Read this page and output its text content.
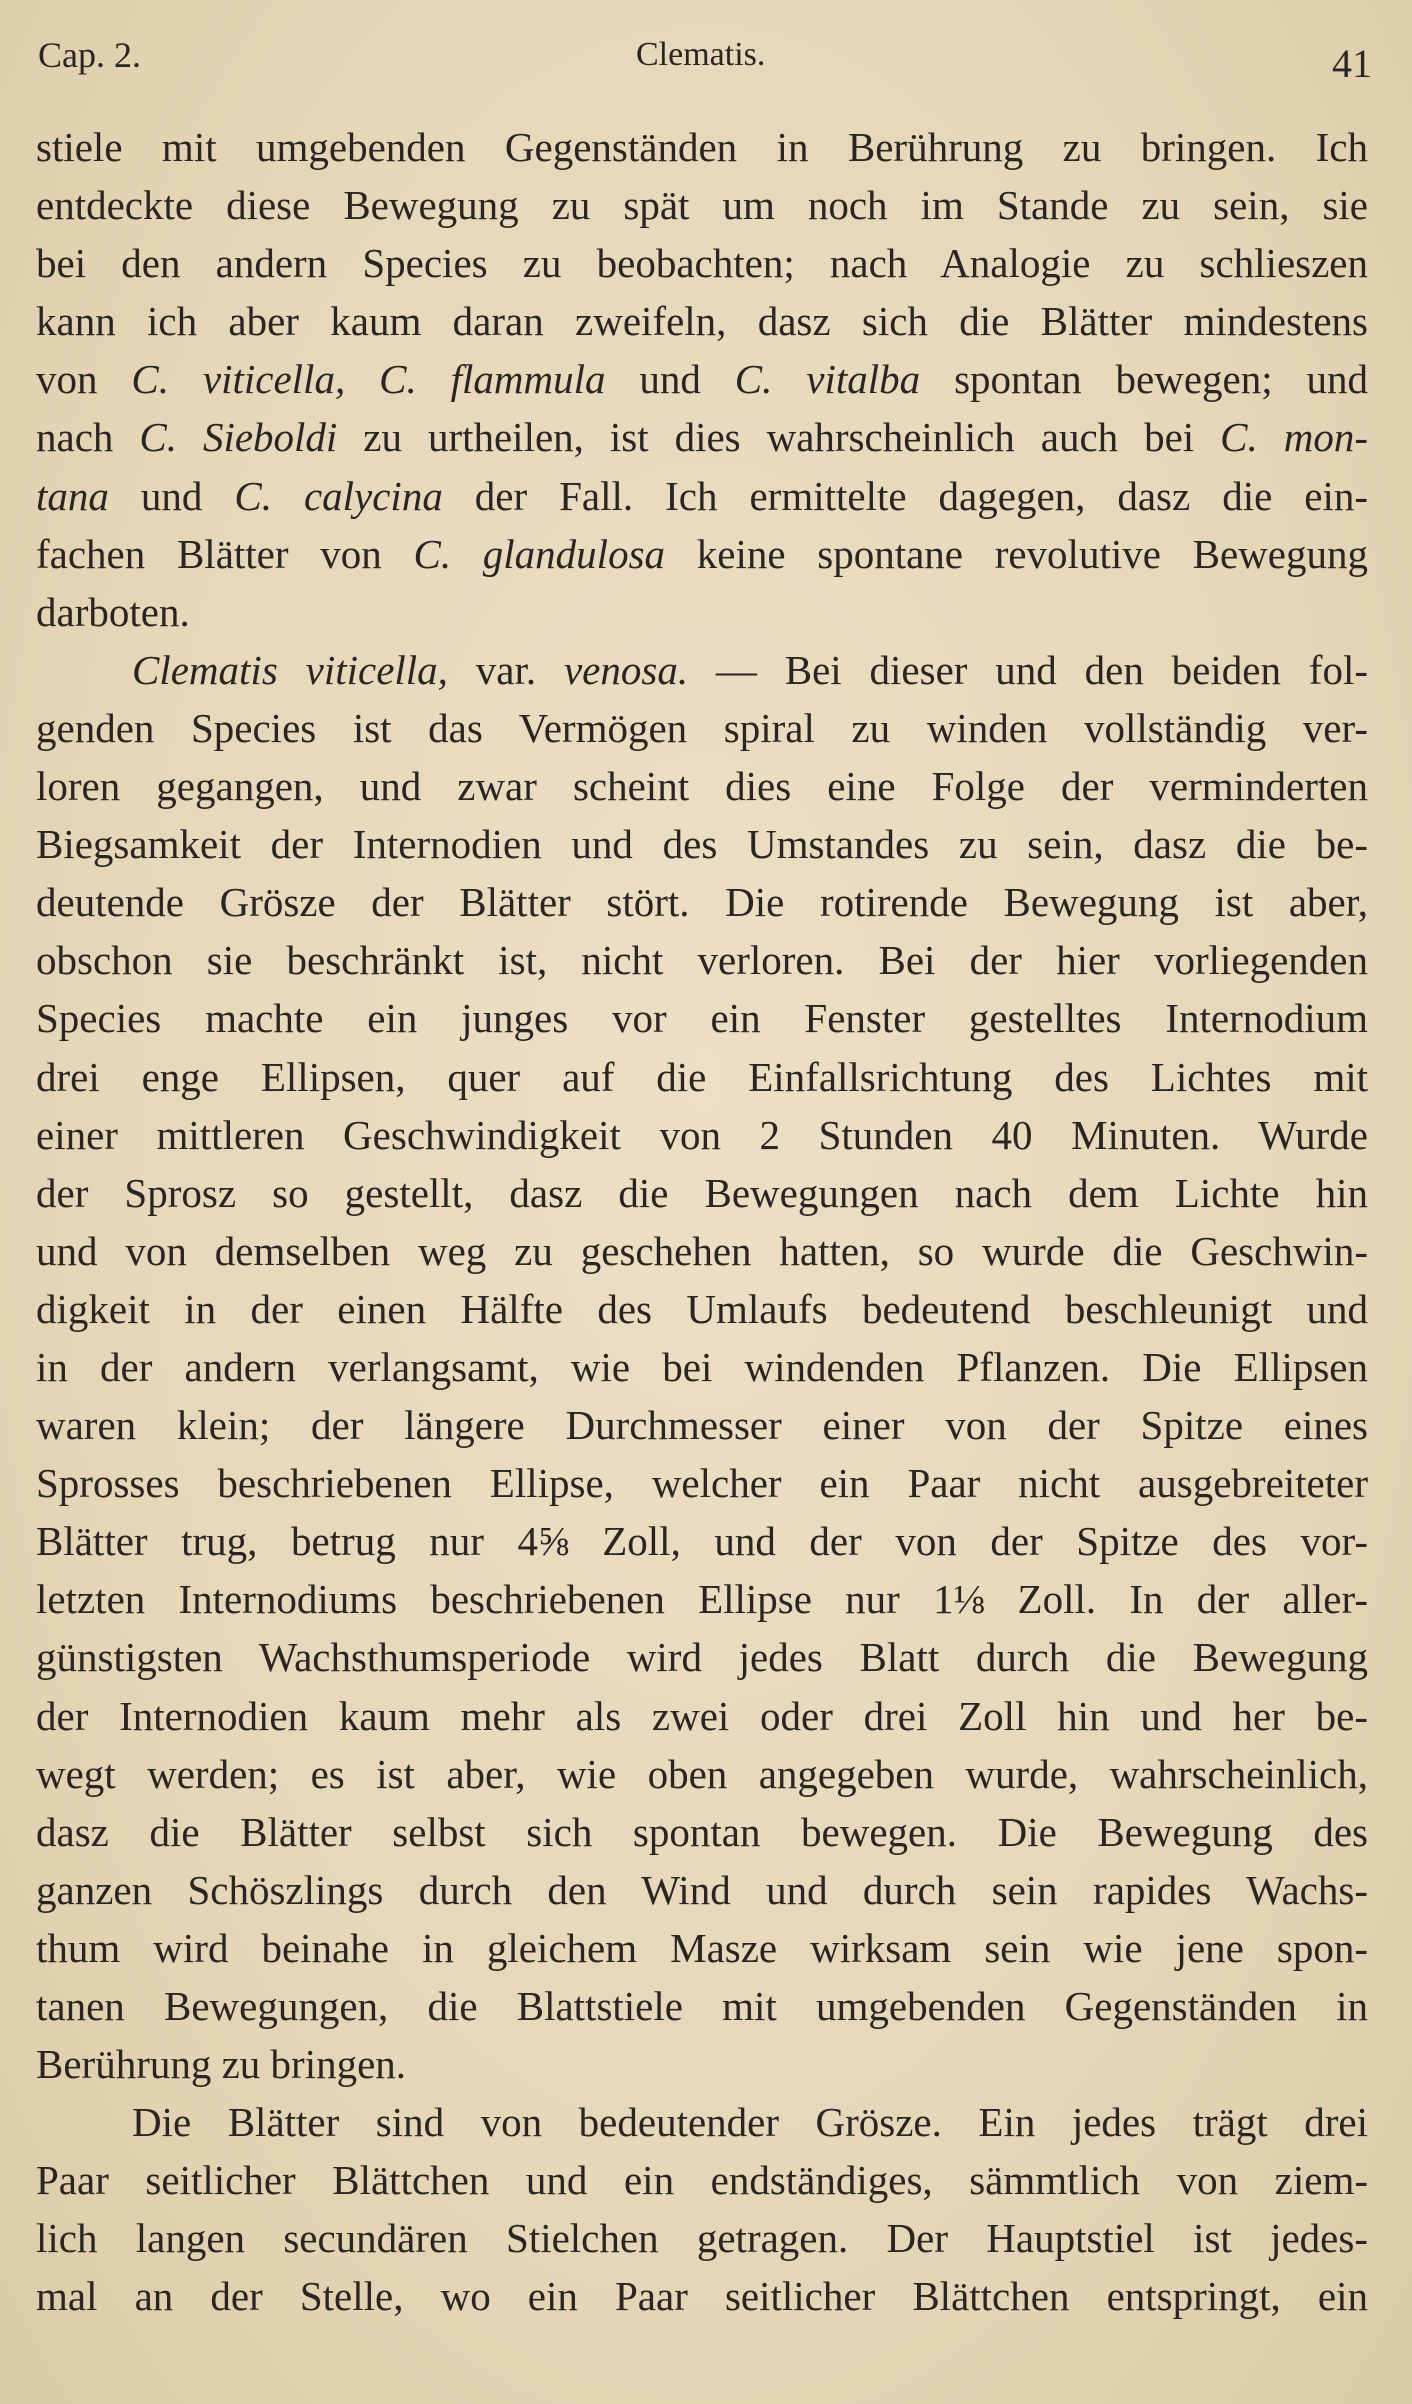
Cap. 2.	Clematis.	41
stiele mit umgebenden Gegenständen in Berührung zu bringen. Ich
entdeckte diese Bewegung zu spät um noch im Stande zu sein, sie
bei den andern Species zu beobachten; nach Analogie zu schlieszen
kann ich aber kaum daran zweifeln, dasz sich die Blätter mindestens
von C. viticella, C. flammula und C. vitalba spontan bewegen; und
nach C. Sieboldi zu urtheilen, ist dies wahrscheinlich auch bei C. mon-
tana und C. calycina der Fall. Ich ermittelte dagegen, dasz die ein-
fachen Blätter von C. glandulosa keine spontane revolutive Bewegung
darboten.
Clematis viticella, var. venosa. — Bei dieser und den beiden fol-
genden Species ist das Vermögen spiral zu winden vollständig ver-
loren gegangen, und zwar scheint dies eine Folge der verminderten
Biegsamkeit der Internodien und des Umstandes zu sein, dasz die be-
deutende Grösze der Blätter stört. Die rotirende Bewegung ist aber,
obschon sie beschränkt ist, nicht verloren. Bei der hier vorliegenden
Species machte ein junges vor ein Fenster gestelltes Internodium
drei enge Ellipsen, quer auf die Einfallsrichtung des Lichtes mit
einer mittleren Geschwindigkeit von 2 Stunden 40 Minuten. Wurde
der Sprosz so gestellt, dasz die Bewegungen nach dem Lichte hin
und von demselben weg zu geschehen hatten, so wurde die Geschwin-
digkeit in der einen Hälfte des Umlaufs bedeutend beschleunigt und
in der andern verlangsamt, wie bei windenden Pflanzen. Die Ellipsen
waren klein; der längere Durchmesser einer von der Spitze eines
Sprosses beschriebenen Ellipse, welcher ein Paar nicht ausgebreiteter
Blätter trug, betrug nur 4⅝ Zoll, und der von der Spitze des vor-
letzten Internodiums beschriebenen Ellipse nur 1⅛ Zoll. In der aller-
günstigsten Wachsthumsperiode wird jedes Blatt durch die Bewegung
der Internodien kaum mehr als zwei oder drei Zoll hin und her be-
wegt werden; es ist aber, wie oben angegeben wurde, wahrscheinlich,
dasz die Blätter selbst sich spontan bewegen. Die Bewegung des
ganzen Schöszlings durch den Wind und durch sein rapides Wachs-
thum wird beinahe in gleichem Masze wirksam sein wie jene spon-
tanen Bewegungen, die Blattstiele mit umgebenden Gegenständen in
Berührung zu bringen.
Die Blätter sind von bedeutender Grösze. Ein jedes trägt drei
Paar seitlicher Blättchen und ein endständiges, sämmtlich von ziem-
lich langen secundären Stielchen getragen. Der Hauptstiel ist jedes-
mal an der Stelle, wo ein Paar seitlicher Blättchen entspringt, ein
